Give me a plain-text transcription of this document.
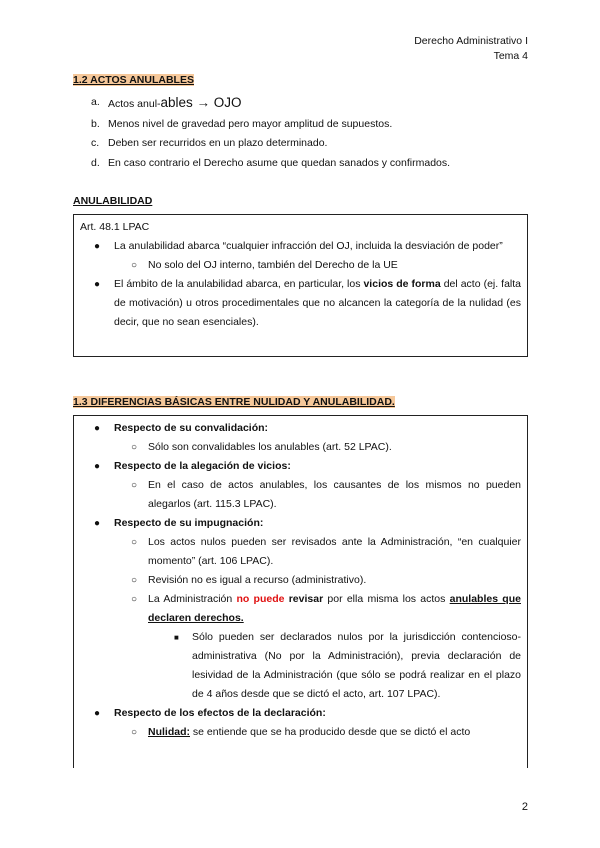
Derecho Administrativo I
Tema 4
1.2 ACTOS ANULABLES
a. Actos anul-ables → OJO
b. Menos nivel de gravedad pero mayor amplitud de supuestos.
c. Deben ser recurridos en un plazo determinado.
d. En caso contrario el Derecho asume que quedan sanados y confirmados.
ANULABILIDAD
Art. 48.1 LPAC
● La anulabilidad abarca “cualquier infracción del OJ, incluida la desviación de poder”
○ No solo del OJ interno, también del Derecho de la UE
● El ámbito de la anulabilidad abarca, en particular, los vicios de forma del acto (ej. falta de motivación) u otros procedimentales que no alcancen la categoría de la nulidad (es decir, que no sean esenciales).
1.3 DIFERENCIAS BÁSICAS ENTRE NULIDAD Y ANULABILIDAD.
● Respecto de su convalidación:
○ Sólo son convalidables los anulables (art. 52 LPAC).
● Respecto de la alegación de vicios:
○ En el caso de actos anulables, los causantes de los mismos no pueden alegarlos (art. 115.3 LPAC).
● Respecto de su impugnación:
○ Los actos nulos pueden ser revisados ante la Administración, “en cualquier momento” (art. 106 LPAC).
○ Revisión no es igual a recurso (administrativo).
○ La Administración no puede revisar por ella misma los actos anulables que declaren derechos.
■ Sólo pueden ser declarados nulos por la jurisdicción contencioso-administrativa (No por la Administración), previa declaración de lesividad de la Administración (que sólo se podrá realizar en el plazo de 4 años desde que se dictó el acto, art. 107 LPAC).
● Respecto de los efectos de la declaración:
○ Nulidad: se entiende que se ha producido desde que se dictó el acto
2
